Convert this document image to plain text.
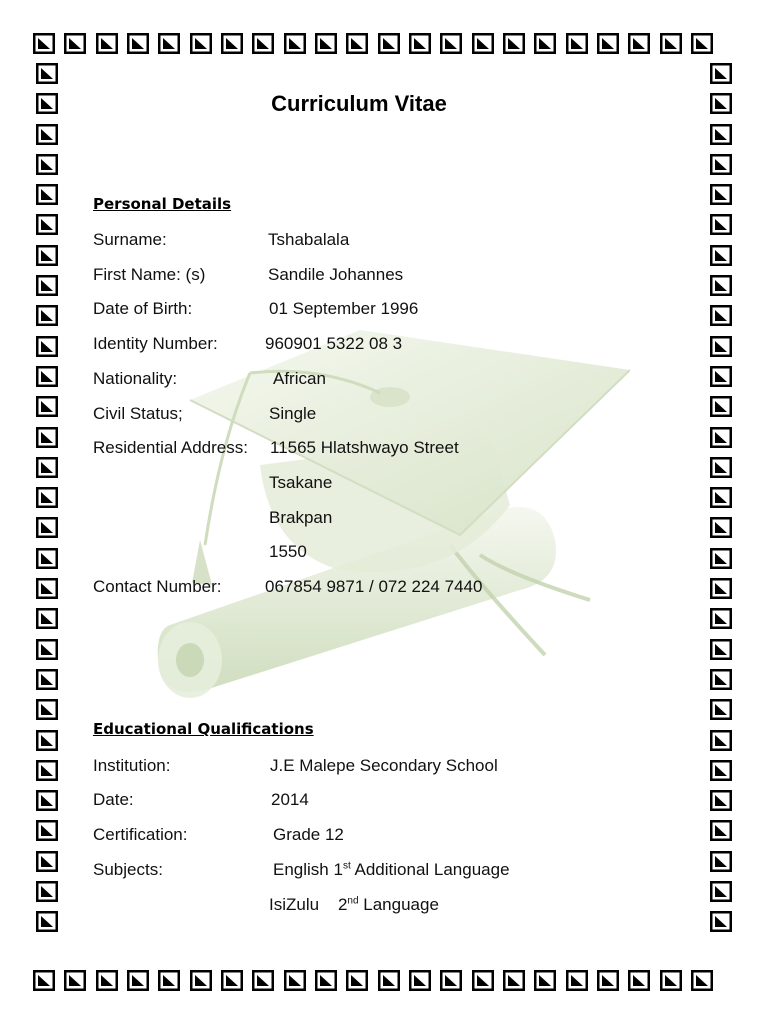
Curriculum Vitae
Personal Details
Surname:	Tshabalala
First Name: (s)	Sandile Johannes
Date of Birth:	01 September 1996
Identity Number:	960901 5322 08 3
Nationality:	African
Civil Status;	Single
Residential Address: 11565 Hlatshwayo Street
Tsakane
Brakpan
1550
Contact Number:	067854 9871 / 072 224 7440
Educational Qualifications
Institution:	J.E Malepe Secondary School
Date:	2014
Certification:	Grade 12
Subjects:	English 1st Additional Language
IsiZulu    2nd Language
